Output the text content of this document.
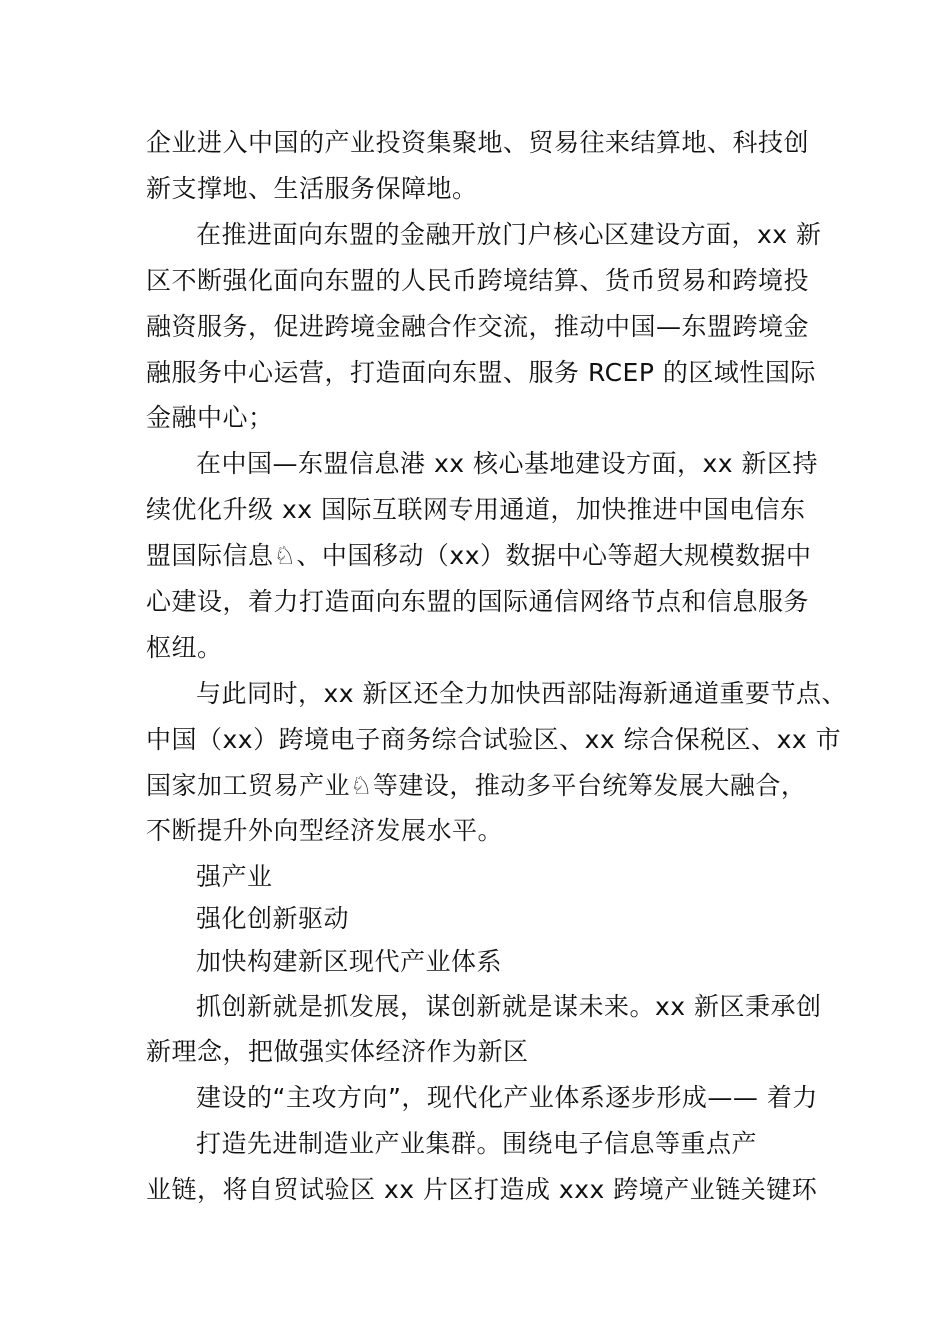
企业进入中国的产业投资集聚地、贸易往来结算地、科技创
新支撑地、生活服务保障地。
在推进面向东盟的金融开放门户核心区建设方面，xx 新
区不断强化面向东盟的人民币跨境结算、货币贸易和跨境投
融资服务，促进跨境金融合作交流，推动中国—东盟跨境金
融服务中心运营，打造面向东盟、服务 RCEP 的区域性国际
金融中心；
在中国—东盟信息港 xx 核心基地建设方面，xx 新区持
续优化升级 xx 国际互联网专用通道，加快推进中国电信东
盟国际信息♘、中国移动（xx）数据中心等超大规模数据中
心建设，着力打造面向东盟的国际通信网络节点和信息服务
枢纽。
与此同时，xx 新区还全力加快西部陆海新通道重要节点、
中国（xx）跨境电子商务综合试验区、xx 综合保税区、xx 市
国家加工贸易产业♘等建设，推动多平台统筹发展大融合，
不断提升外向型经济发展水平。
强产业
强化创新驱动
加快构建新区现代产业体系
抓创新就是抓发展，谋创新就是谋未来。xx 新区秉承创
新理念，把做强实体经济作为新区
建设的“主攻方向”，现代化产业体系逐步形成—— 着力
打造先进制造业产业集群。围绕电子信息等重点产
业链，将自贸试验区 xx 片区打造成 xxx 跨境产业链关键环
